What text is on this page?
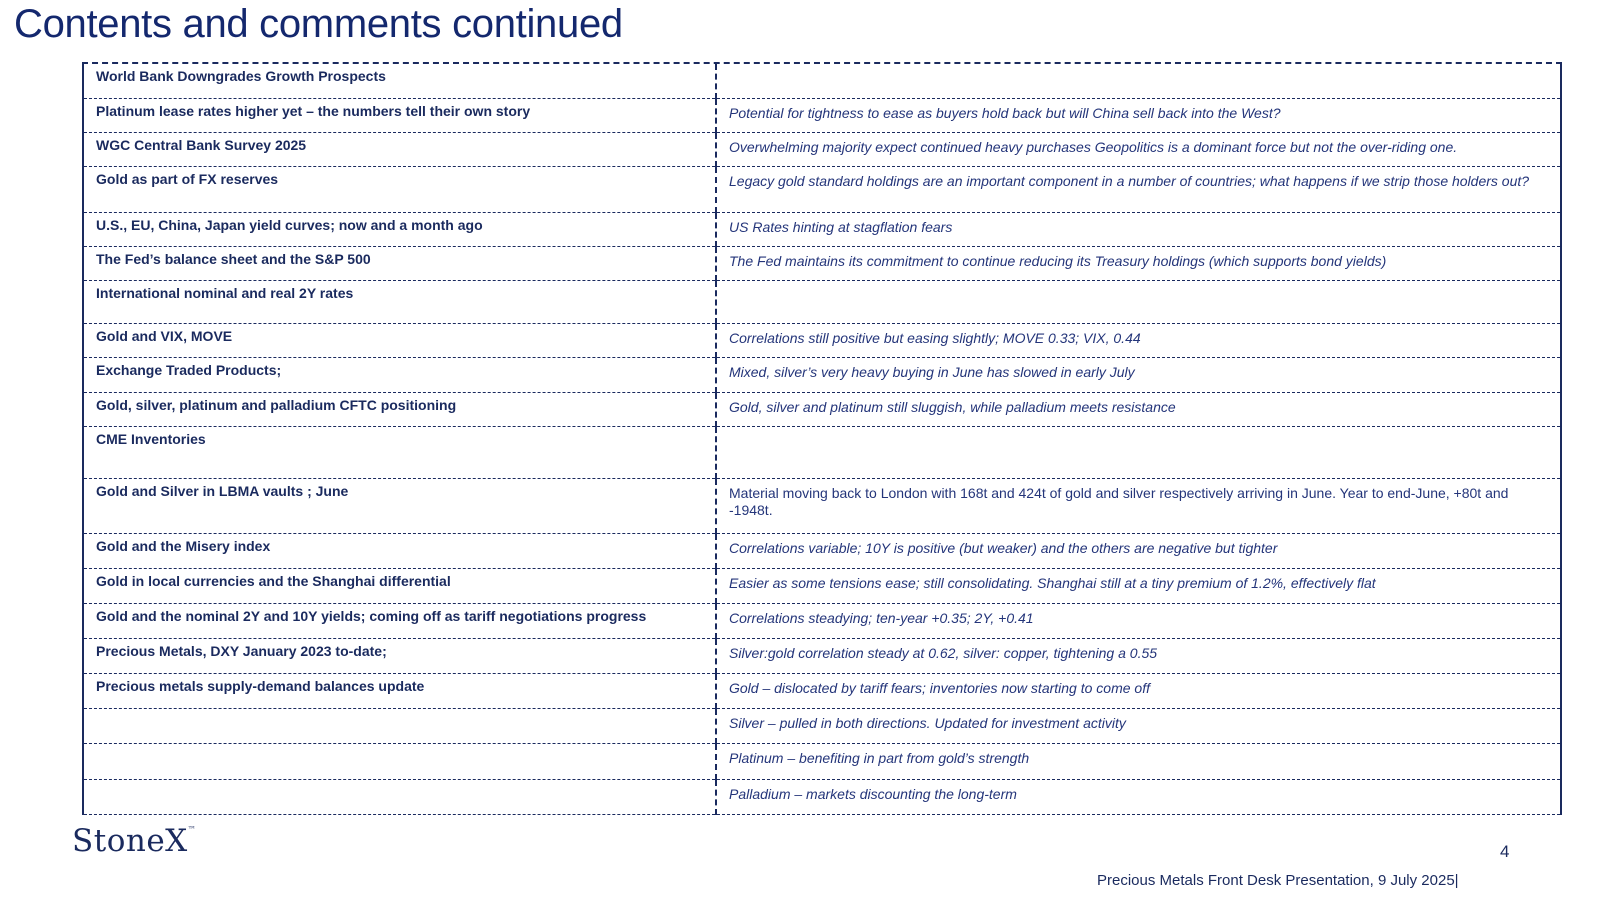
Contents and comments continued
World Bank Downgrades Growth Prospects	
Platinum lease rates higher yet – the numbers tell their own story	Potential for tightness to ease as buyers hold back but will China sell back into the West?
WGC Central Bank Survey 2025	Overwhelming majority expect continued heavy purchases Geopolitics is a dominant force but not the over-riding one.
Gold as part of FX reserves	Legacy gold standard holdings are an important component in a number of countries; what happens if we strip those holders out?
U.S., EU, China, Japan yield curves; now and a month ago	US Rates hinting at stagflation fears
The Fed’s balance sheet and the S&P 500	The Fed maintains its commitment to continue reducing its Treasury holdings (which supports bond yields)
International nominal and real 2Y rates	
Gold and VIX, MOVE	Correlations still positive but easing slightly; MOVE 0.33; VIX, 0.44
Exchange Traded Products;	Mixed, silver’s very heavy buying in June has slowed in early July
Gold, silver, platinum and palladium CFTC positioning	Gold, silver and platinum still sluggish, while palladium meets resistance
CME Inventories	
Gold and Silver in LBMA vaults ; June	Material moving back to London with 168t and 424t of gold and silver respectively arriving in June. Year to end-June, +80t and -1948t.
Gold and the Misery index	Correlations variable; 10Y is positive (but weaker) and the others are negative but tighter
Gold in local currencies and the Shanghai differential	Easier as some tensions ease; still consolidating. Shanghai still at a tiny premium of 1.2%, effectively flat
Gold and the nominal 2Y and 10Y yields; coming off as tariff negotiations progress	Correlations steadying; ten-year +0.35; 2Y, +0.41
Precious Metals, DXY January 2023 to-date;	Silver:gold correlation steady at 0.62, silver: copper, tightening a 0.55
Precious metals supply-demand balances update	Gold – dislocated by tariff fears; inventories now starting to come off
	Silver – pulled in both directions. Updated for investment activity
	Platinum – benefiting in part from gold’s strength
	Palladium – markets discounting the long-term
StoneX™
4
Precious Metals Front Desk Presentation, 9 July 2025|
